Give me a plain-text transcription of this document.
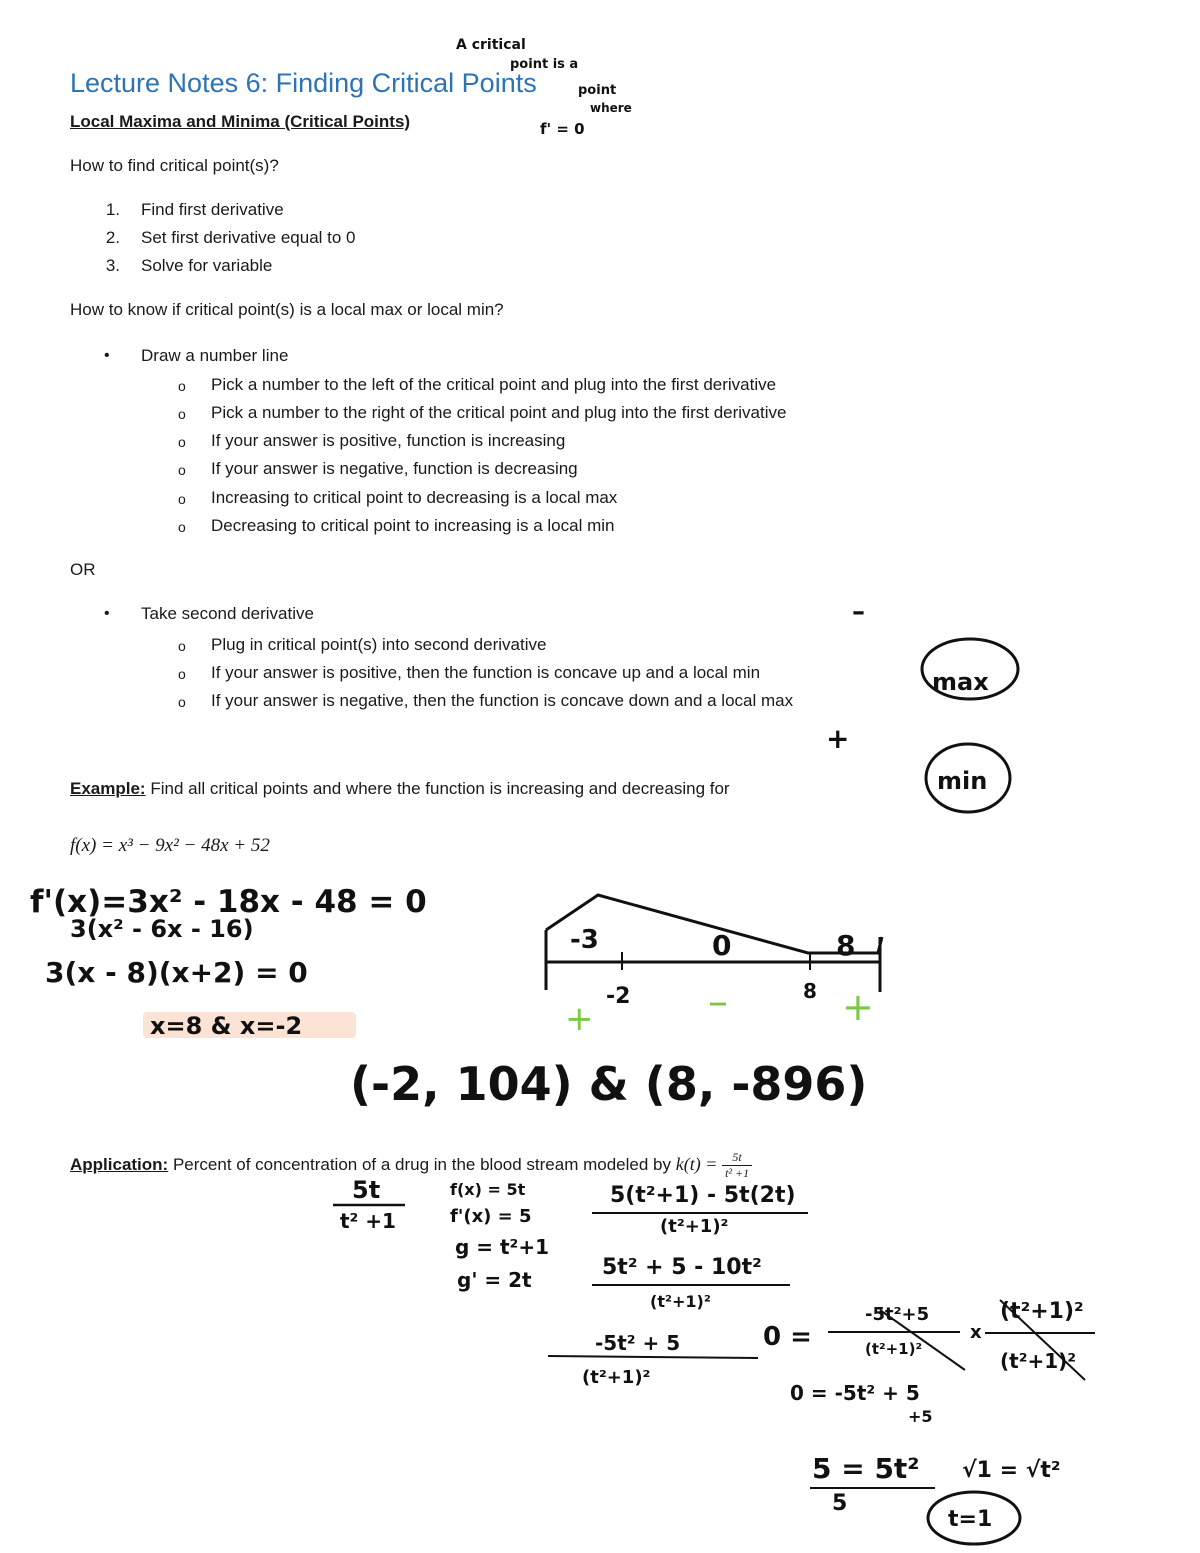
Lecture Notes 6: Finding Critical Points
Local Maxima and Minima (Critical Points)
How to find critical point(s)?
1. Find first derivative
2. Set first derivative equal to 0
3. Solve for variable
How to know if critical point(s) is a local max or local min?
• Draw a number line
o Pick a number to the left of the critical point and plug into the first derivative
o Pick a number to the right of the critical point and plug into the first derivative
o If your answer is positive, function is increasing
o If your answer is negative, function is decreasing
o Increasing to critical point to decreasing is a local max
o Decreasing to critical point to increasing is a local min
OR
• Take second derivative
o Plug in critical point(s) into second derivative
o If your answer is positive, then the function is concave up and a local min
o If your answer is negative, then the function is concave down and a local max
Example: Find all critical points and where the function is increasing and decreasing for
f(x) = x³ − 9x² − 48x + 52
Application: Percent of concentration of a drug in the blood stream modeled by $k(t) = \frac{5t}{\text{t² +1}}$
A critical
point is a
point
where
f' = 0
–
max
+
min
f'(x)=3x² - 18x - 48 = 0
3(x² - 6x - 16)
3(x - 8)(x+2) = 0
x=8 & x=-2
(-2, 104) & (8, -896)
-3	0	8
-2	8
+	–	+
5t
t² +1
f(x) = 5t
f'(x) = 5
g = t²+1
g' = 2t
5(t²+1) - 5t(2t)
(t²+1)²
5t² + 5 - 10t²
(t²+1)²
-5t² + 5
(t²+1)²
0 =
-5t²+5
(t²+1)²
x
(t²+1)²
(t²+1)²
0 = -5t² + 5
+5
5 = 5t²
5
√1 = √t²
t=1
